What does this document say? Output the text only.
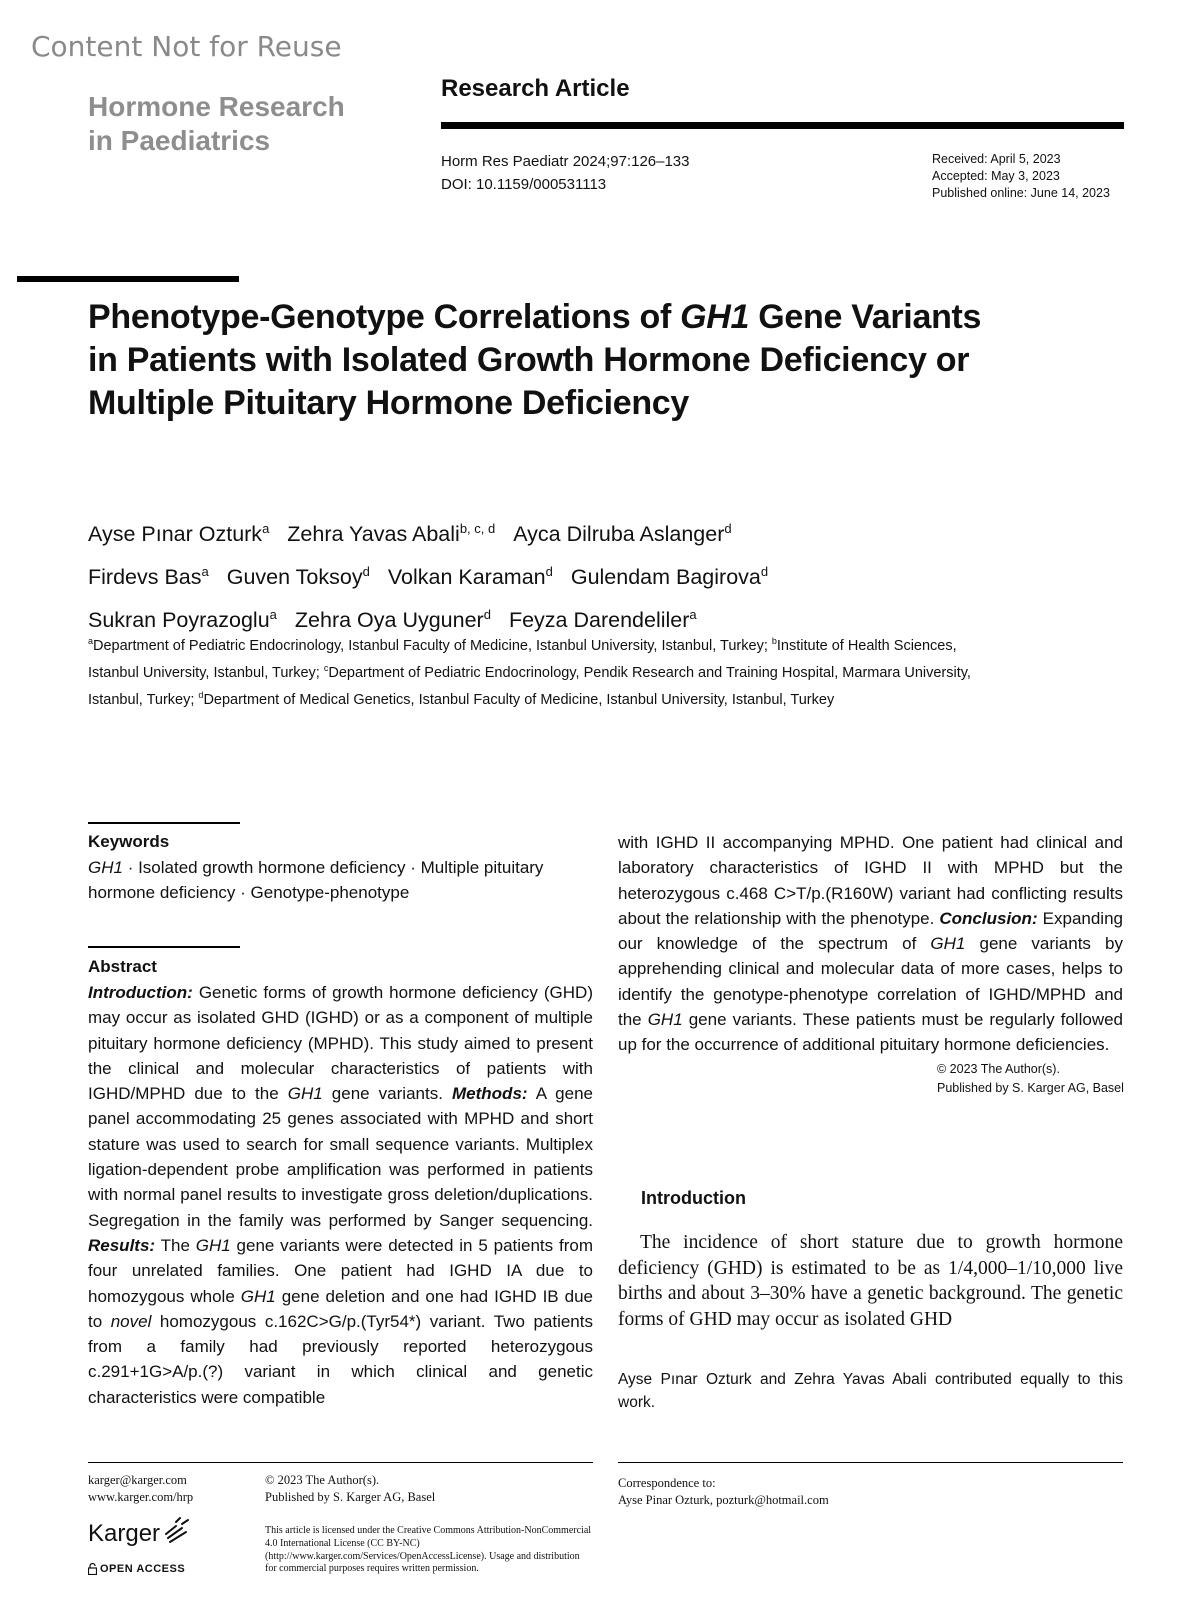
Content Not for Reuse
Hormone Research
in Paediatrics
Research Article
Horm Res Paediatr 2024;97:126–133
DOI: 10.1159/000531113
Received: April 5, 2023
Accepted: May 3, 2023
Published online: June 14, 2023
Phenotype-Genotype Correlations of GH1 Gene Variants in Patients with Isolated Growth Hormone Deficiency or Multiple Pituitary Hormone Deficiency
Ayse Pınar Ozturk$^a$ Zehra Yavas Abali$^{b, c, d}$ Ayca Dilruba Aslanger$^d$
Firdevs Bas$^a$ Guven Toksoy$^d$ Volkan Karaman$^d$ Gulendam Bagirova$^d$
Sukran Poyrazoglu$^a$ Zehra Oya Uyguner$^d$ Feyza Darendeliler$^a$
$^a$Department of Pediatric Endocrinology, Istanbul Faculty of Medicine, Istanbul University, Istanbul, Turkey; $^b$Institute of Health Sciences, Istanbul University, Istanbul, Turkey; $^c$Department of Pediatric Endocrinology, Pendik Research and Training Hospital, Marmara University, Istanbul, Turkey; $^d$Department of Medical Genetics, Istanbul Faculty of Medicine, Istanbul University, Istanbul, Turkey
Keywords
GH1 · Isolated growth hormone deficiency · Multiple pituitary hormone deficiency · Genotype-phenotype
Abstract
Introduction: Genetic forms of growth hormone deficiency (GHD) may occur as isolated GHD (IGHD) or as a component of multiple pituitary hormone deficiency (MPHD). This study aimed to present the clinical and molecular characteristics of patients with IGHD/MPHD due to the GH1 gene variants. Methods: A gene panel accommodating 25 genes associated with MPHD and short stature was used to search for small sequence variants. Multiplex ligation-dependent probe amplification was performed in patients with normal panel results to investigate gross deletion/duplications. Segregation in the family was performed by Sanger sequencing. Results: The GH1 gene variants were detected in 5 patients from four unrelated families. One patient had IGHD IA due to homozygous whole GH1 gene deletion and one had IGHD IB due to novel homozygous c.162C>G/p.(Tyr54*) variant. Two patients from a family had previously reported heterozygous c.291+1G>A/p.(?) variant in which clinical and genetic characteristics were compatible
with IGHD II accompanying MPHD. One patient had clinical and laboratory characteristics of IGHD II with MPHD but the heterozygous c.468 C>T/p.(R160W) variant had conflicting results about the relationship with the phenotype. Conclusion: Expanding our knowledge of the spectrum of GH1 gene variants by apprehending clinical and molecular data of more cases, helps to identify the genotype-phenotype correlation of IGHD/MPHD and the GH1 gene variants. These patients must be regularly followed up for the occurrence of additional pituitary hormone deficiencies.
© 2023 The Author(s).
Published by S. Karger AG, Basel
Introduction
The incidence of short stature due to growth hormone deficiency (GHD) is estimated to be as 1/4,000–1/10,000 live births and about 3–30% have a genetic background. The genetic forms of GHD may occur as isolated GHD
Ayse Pınar Ozturk and Zehra Yavas Abali contributed equally to this work.
karger@karger.com
www.karger.com/hrp
© 2023 The Author(s).
Published by S. Karger AG, Basel
This article is licensed under the Creative Commons Attribution-NonCommercial 4.0 International License (CC BY-NC) (http://www.karger.com/Services/OpenAccessLicense). Usage and distribution for commercial purposes requires written permission.
Correspondence to:
Ayse Pinar Ozturk, pozturk@hotmail.com
Karger
OPEN ACCESS
